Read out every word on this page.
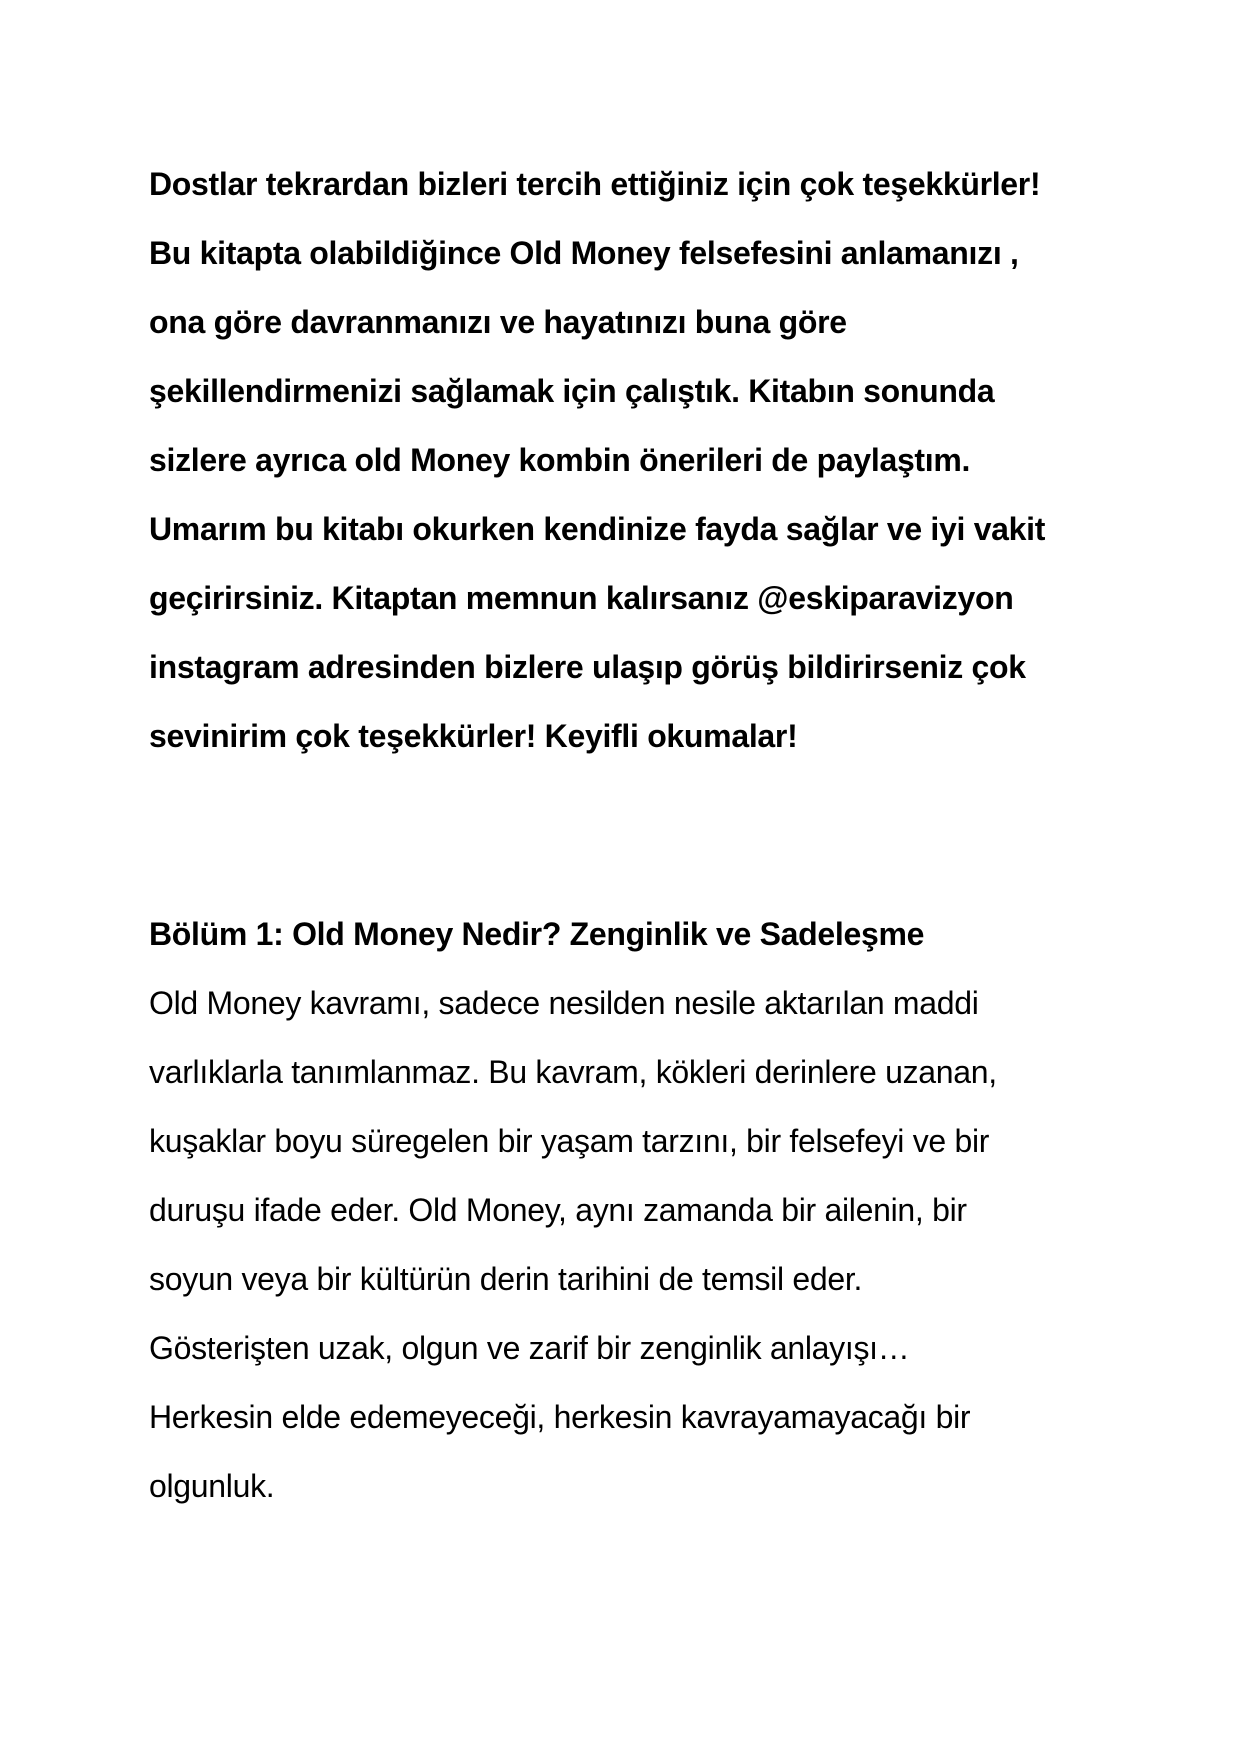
Dostlar tekrardan bizleri tercih ettiğiniz için çok teşekkürler!
Bu kitapta olabildiğince Old Money felsefesini anlamanızı ,
ona göre davranmanızı ve hayatınızı buna göre
şekillendirmenizi sağlamak için çalıştık. Kitabın sonunda
sizlere ayrıca old Money kombin önerileri de paylaştım.
Umarım bu kitabı okurken kendinize fayda sağlar ve iyi vakit
geçirirsiniz. Kitaptan memnun kalırsanız @eskiparavizyon
instagram adresinden bizlere ulaşıp görüş bildirirseniz çok
sevinirim çok teşekkürler! Keyifli okumalar!
Bölüm 1: Old Money Nedir? Zenginlik ve Sadeleşme
Old Money kavramı, sadece nesilden nesile aktarılan maddi
varlıklarla tanımlanmaz. Bu kavram, kökleri derinlere uzanan,
kuşaklar boyu süregelen bir yaşam tarzını, bir felsefeyi ve bir
duruşu ifade eder. Old Money, aynı zamanda bir ailenin, bir
soyun veya bir kültürün derin tarihini de temsil eder.
Gösterişten uzak, olgun ve zarif bir zenginlik anlayışı…
Herkesin elde edemeyeceği, herkesin kavrayamayacağı bir
olgunluk.
